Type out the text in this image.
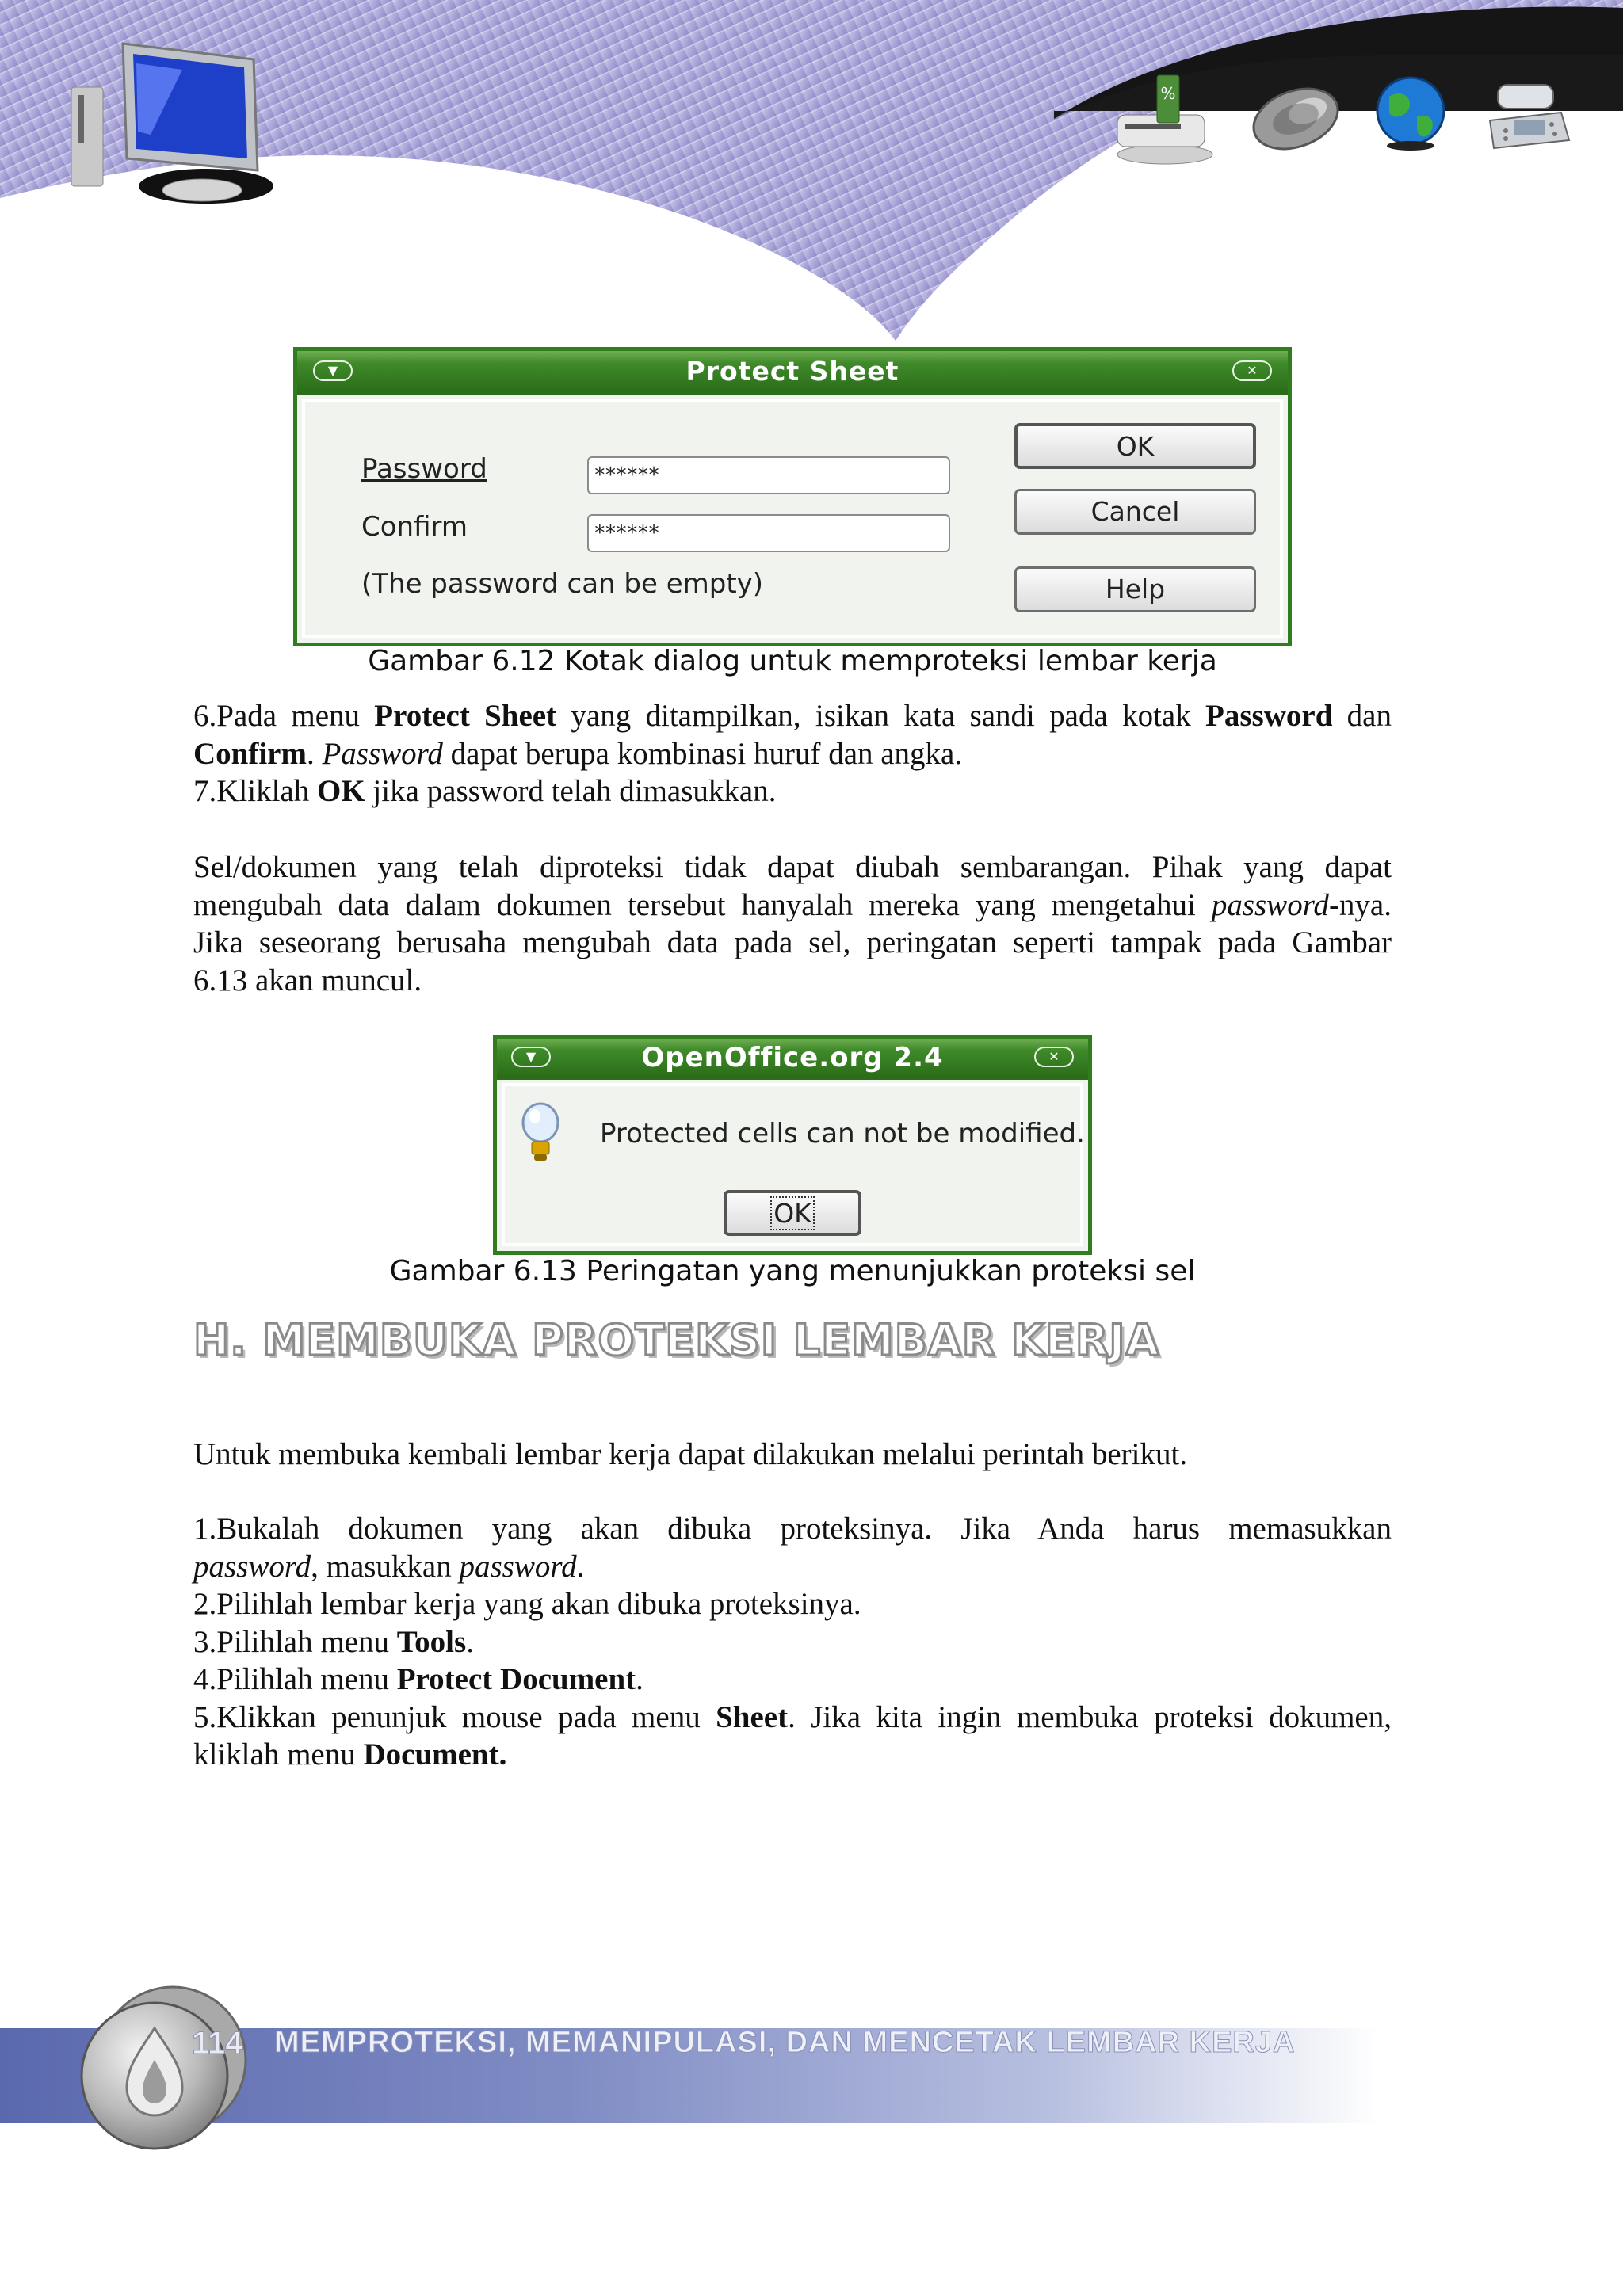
%
▼	Protect Sheet	✕
Password	******
Confirm	******
(The password can be empty)
OK
Cancel
Help
Gambar 6.12 Kotak dialog untuk memproteksi lembar kerja
6.Pada menu Protect Sheet yang ditampilkan, isikan kata sandi pada kotak Password dan
Confirm. Password dapat berupa kombinasi huruf dan angka.
7.Kliklah OK jika password telah dimasukkan.
Sel/dokumen yang telah diproteksi tidak dapat diubah sembarangan. Pihak yang dapat
mengubah data dalam dokumen tersebut hanyalah mereka yang mengetahui password-nya.
Jika seseorang berusaha mengubah data pada sel, peringatan seperti tampak pada Gambar
6.13 akan muncul.
▼	OpenOffice.org 2.4	✕
Protected cells can not be modified.
OK
Gambar 6.13 Peringatan yang menunjukkan proteksi sel
H. MEMBUKA PROTEKSI LEMBAR KERJA
Untuk membuka kembali lembar kerja dapat dilakukan melalui perintah berikut.
1.Bukalah dokumen yang akan dibuka proteksinya. Jika Anda harus memasukkan
password, masukkan password.
2.Pilihlah lembar kerja yang akan dibuka proteksinya.
3.Pilihlah menu Tools.
4.Pilihlah menu Protect Document.
5.Klikkan penunjuk mouse pada menu Sheet. Jika kita ingin membuka proteksi dokumen,
kliklah menu Document.
114 MEMPROTEKSI, MEMANIPULASI, DAN MENCETAK LEMBAR KERJA
